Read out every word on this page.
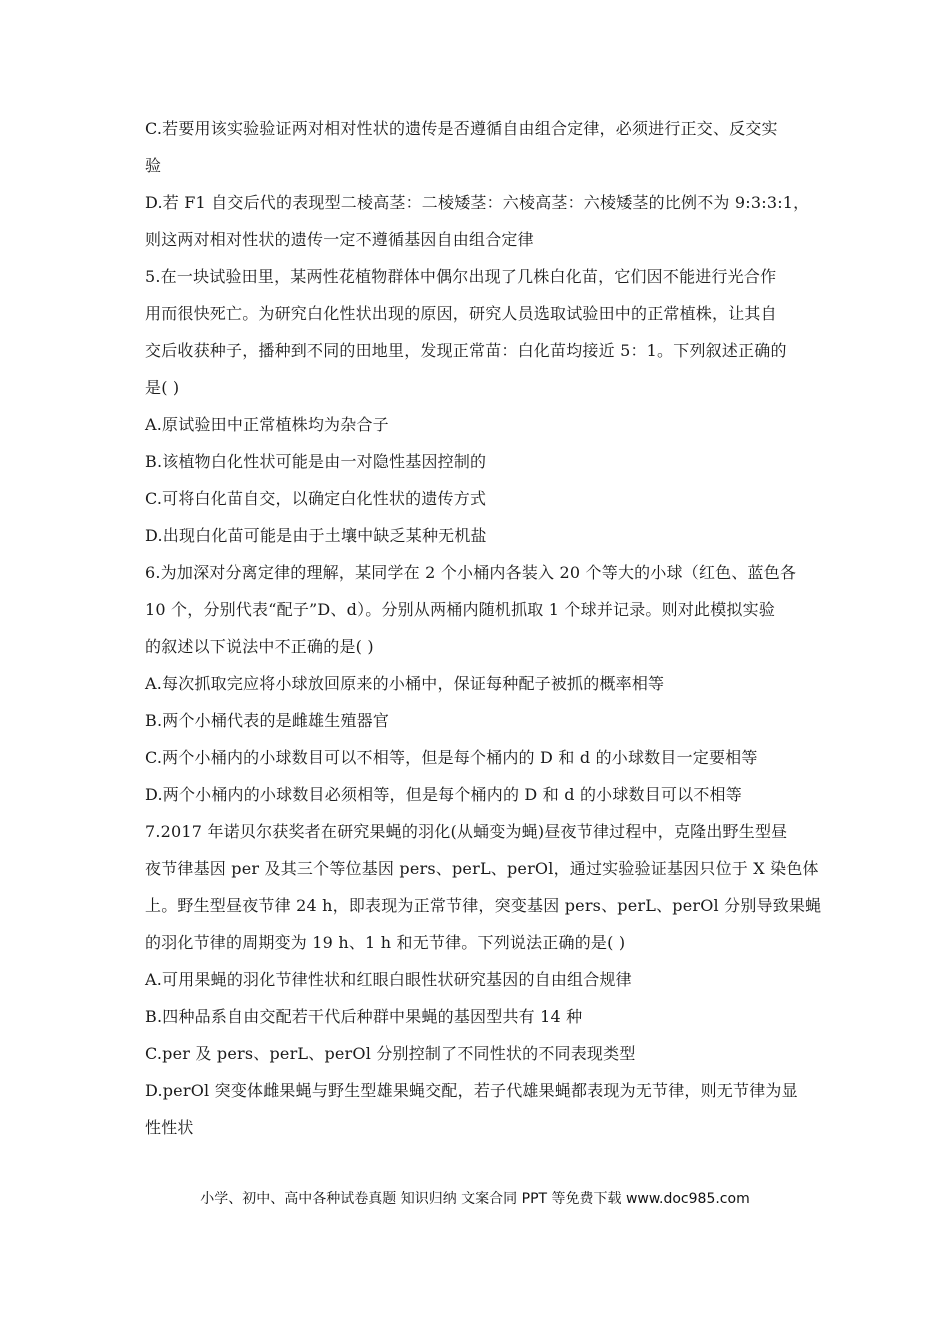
C.若要用该实验验证两对相对性状的遗传是否遵循自由组合定律，必须进行正交、反交实
验
D.若 F1 自交后代的表现型二棱高茎：二棱矮茎：六棱高茎：六棱矮茎的比例不为 9:3:3:1，
则这两对相对性状的遗传一定不遵循基因自由组合定律
5.在一块试验田里，某两性花植物群体中偶尔出现了几株白化苗，它们因不能进行光合作
用而很快死亡。为研究白化性状出现的原因，研究人员选取试验田中的正常植株，让其自
交后收获种子，播种到不同的田地里，发现正常苗：白化苗均接近 5：1。下列叙述正确的
是( )
A.原试验田中正常植株均为杂合子
B.该植物白化性状可能是由一对隐性基因控制的
C.可将白化苗自交，以确定白化性状的遗传方式
D.出现白化苗可能是由于土壤中缺乏某种无机盐
6.为加深对分离定律的理解，某同学在 2 个小桶内各装入 20 个等大的小球（红色、蓝色各
10 个，分别代表“配子”D、d）。分别从两桶内随机抓取 1 个球并记录。则对此模拟实验
的叙述以下说法中不正确的是( )
A.每次抓取完应将小球放回原来的小桶中，保证每种配子被抓的概率相等
B.两个小桶代表的是雌雄生殖器官
C.两个小桶内的小球数目可以不相等，但是每个桶内的 D 和 d 的小球数目一定要相等
D.两个小桶内的小球数目必须相等，但是每个桶内的 D 和 d 的小球数目可以不相等
7.2017 年诺贝尔获奖者在研究果蝇的羽化(从蛹变为蝇)昼夜节律过程中，克隆出野生型昼
夜节律基因 per 及其三个等位基因 pers、perL、perOl，通过实验验证基因只位于 X 染色体
上。野生型昼夜节律 24 h，即表现为正常节律，突变基因 pers、perL、perOl 分别导致果蝇
的羽化节律的周期变为 19 h、1 h 和无节律。下列说法正确的是( )
A.可用果蝇的羽化节律性状和红眼白眼性状研究基因的自由组合规律
B.四种品系自由交配若干代后种群中果蝇的基因型共有 14 种
C.per 及 pers、perL、perOl 分别控制了不同性状的不同表现类型
D.perOl 突变体雌果蝇与野生型雄果蝇交配，若子代雄果蝇都表现为无节律，则无节律为显
性性状
小学、初中、高中各种试卷真题 知识归纳 文案合同 PPT 等免费下载 www.doc985.com
